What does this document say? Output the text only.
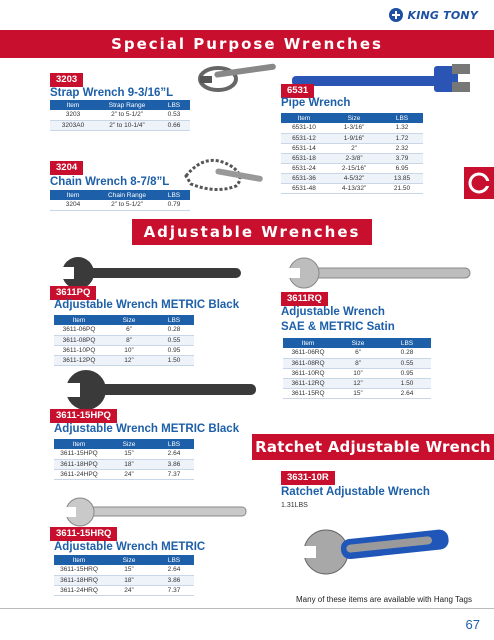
KING TONY
Special Purpose Wrenches
3203
Strap Wrench 9-3/16”L
Item	Strap Range	LBS
3203	2” to 5-1/2”	0.53
3203A0	2” to 10-1/4”	0.66
3204
Chain Wrench 8-7/8”L
Item	Chain Range	LBS
3204	2” to 5-1/2”	0.79
6531
Pipe Wrench
Item	Size	LBS
6531-10	1-3/16”	1.32
6531-12	1-9/16”	1.72
6531-14	2”	2.32
6531-18	2-3/8”	3.79
6531-24	2-15/16”	6.95
6531-36	4-5/32”	13.85
6531-48	4-13/32”	21.50
Adjustable Wrenches
3611PQ
Adjustable Wrench METRIC Black
Item	Size	LBS
3611-06PQ	6”	0.28
3611-08PQ	8”	0.55
3611-10PQ	10”	0.95
3611-12PQ	12”	1.50
3611-15HPQ
Adjustable Wrench METRIC Black
Item	Size	LBS
3611-15HPQ	15”	2.64
3611-18HPQ	18”	3.86
3611-24HPQ	24”	7.37
3611-15HRQ
Adjustable Wrench METRIC
Item	Size	LBS
3611-15HRQ	15”	2.64
3611-18HRQ	18”	3.86
3611-24HRQ	24”	7.37
3611RQ
Adjustable Wrench
SAE & METRIC Satin
Item	Size	LBS
3611-06RQ	6”	0.28
3611-08RQ	8”	0.55
3611-10RQ	10”	0.95
3611-12RQ	12”	1.50
3611-15RQ	15”	2.64
Ratchet Adjustable Wrench
3631-10R
Ratchet Adjustable Wrench
1.31LBS
Many of these items are available with Hang Tags
67
